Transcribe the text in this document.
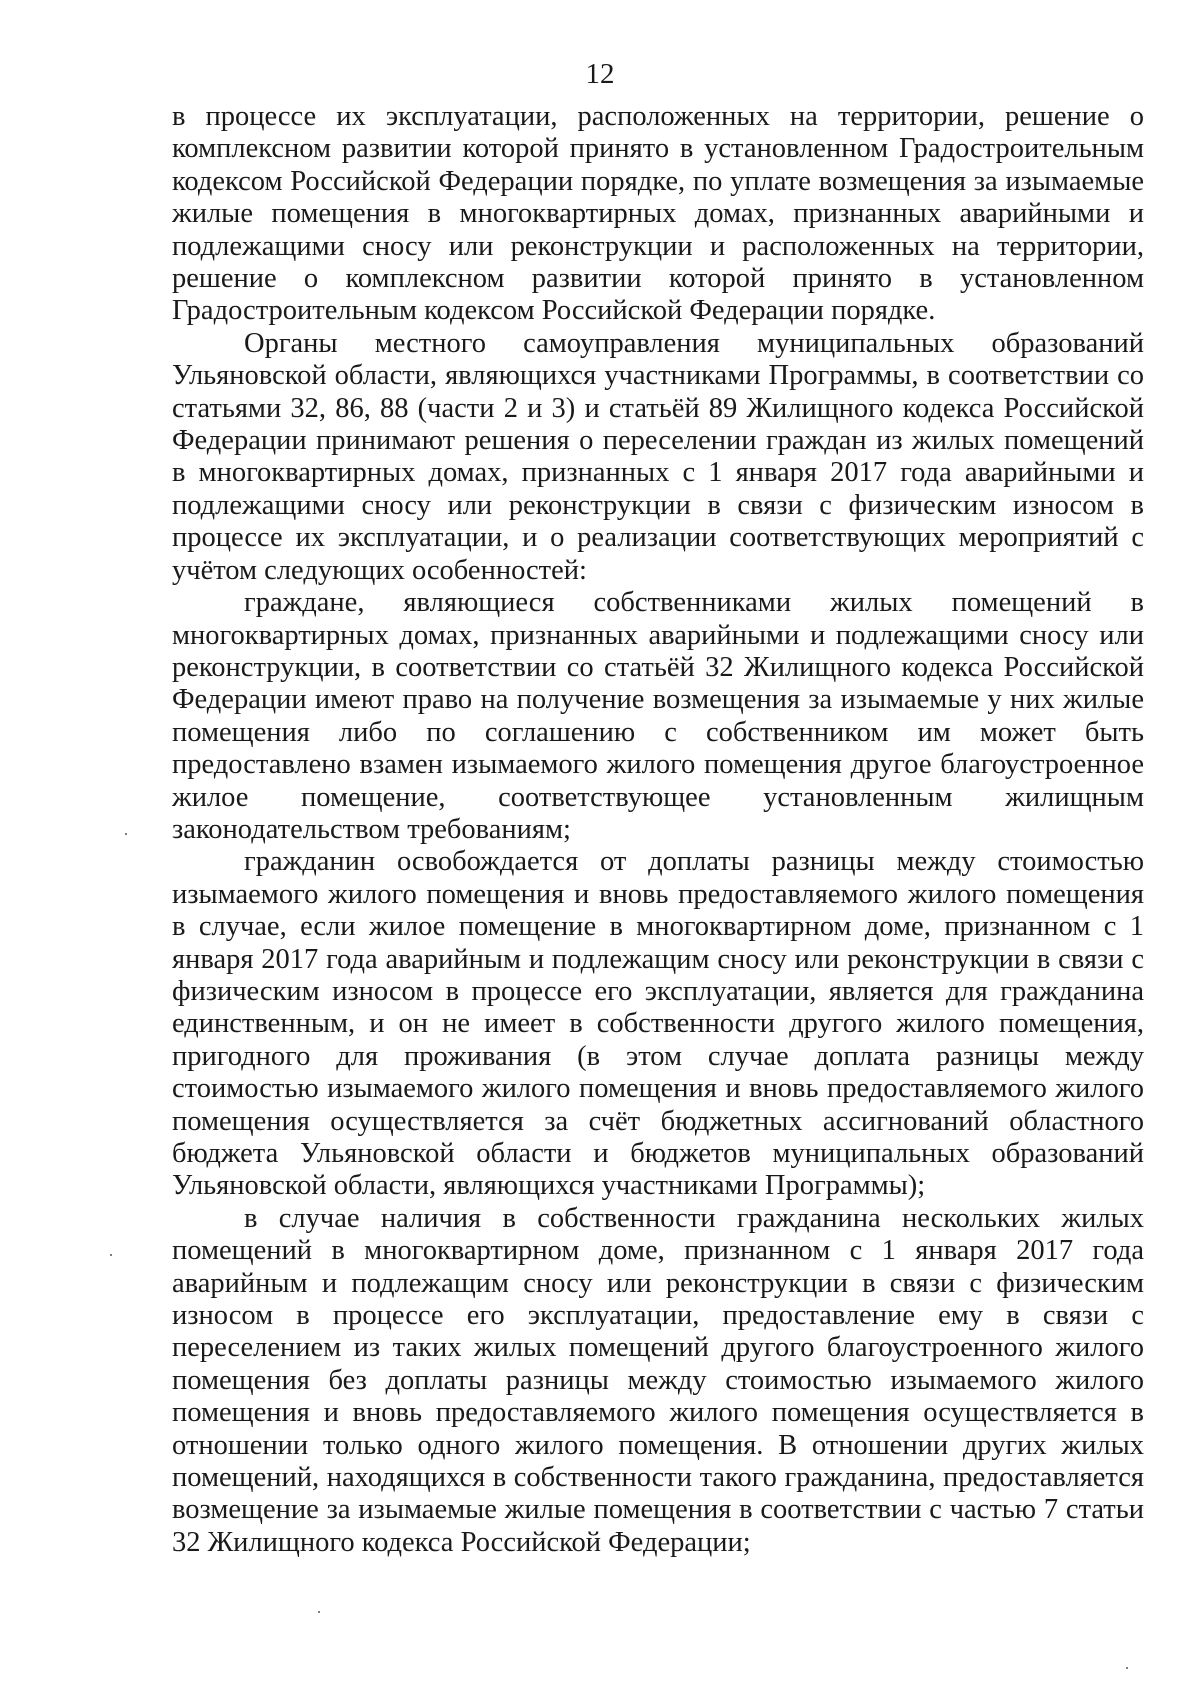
12

в процессе их эксплуатации, расположенных на территории, решение о комплексном развитии которой принято в установленном Градостроительным кодексом Российской Федерации порядке, по уплате возмещения за изымаемые жилые помещения в многоквартирных домах, признанных аварийными и подлежащими сносу или реконструкции и расположенных на территории, решение о комплексном развитии которой принято в установленном Градостроительным кодексом Российской Федерации порядке.

Органы местного самоуправления муниципальных образований Ульяновской области, являющихся участниками Программы, в соответствии со статьями 32, 86, 88 (части 2 и 3) и статьёй 89 Жилищного кодекса Российской Федерации принимают решения о переселении граждан из жилых помещений в многоквартирных домах, признанных с 1 января 2017 года аварийными и подлежащими сносу или реконструкции в связи с физическим износом в процессе их эксплуатации, и о реализации соответствующих мероприятий с учётом следующих особенностей:

граждане, являющиеся собственниками жилых помещений в многоквартирных домах, признанных аварийными и подлежащими сносу или реконструкции, в соответствии со статьёй 32 Жилищного кодекса Российской Федерации имеют право на получение возмещения за изымаемые у них жилые помещения либо по соглашению с собственником им может быть предоставлено взамен изымаемого жилого помещения другое благоустроенное жилое помещение, соответствующее установленным жилищным законодательством требованиям;

гражданин освобождается от доплаты разницы между стоимостью изымаемого жилого помещения и вновь предоставляемого жилого помещения в случае, если жилое помещение в многоквартирном доме, признанном с 1 января 2017 года аварийным и подлежащим сносу или реконструкции в связи с физическим износом в процессе его эксплуатации, является для гражданина единственным, и он не имеет в собственности другого жилого помещения, пригодного для проживания (в этом случае доплата разницы между стоимостью изымаемого жилого помещения и вновь предоставляемого жилого помещения осуществляется за счёт бюджетных ассигнований областного бюджета Ульяновской области и бюджетов муниципальных образований Ульяновской области, являющихся участниками Программы);

в случае наличия в собственности гражданина нескольких жилых помещений в многоквартирном доме, признанном с 1 января 2017 года аварийным и подлежащим сносу или реконструкции в связи с физическим износом в процессе его эксплуатации, предоставление ему в связи с переселением из таких жилых помещений другого благоустроенного жилого помещения без доплаты разницы между стоимостью изымаемого жилого помещения и вновь предоставляемого жилого помещения осуществляется в отношении только одного жилого помещения. В отношении других жилых помещений, находящихся в собственности такого гражданина, предоставляется возмещение за изымаемые жилые помещения в соответствии с частью 7 статьи 32 Жилищного кодекса Российской Федерации;
